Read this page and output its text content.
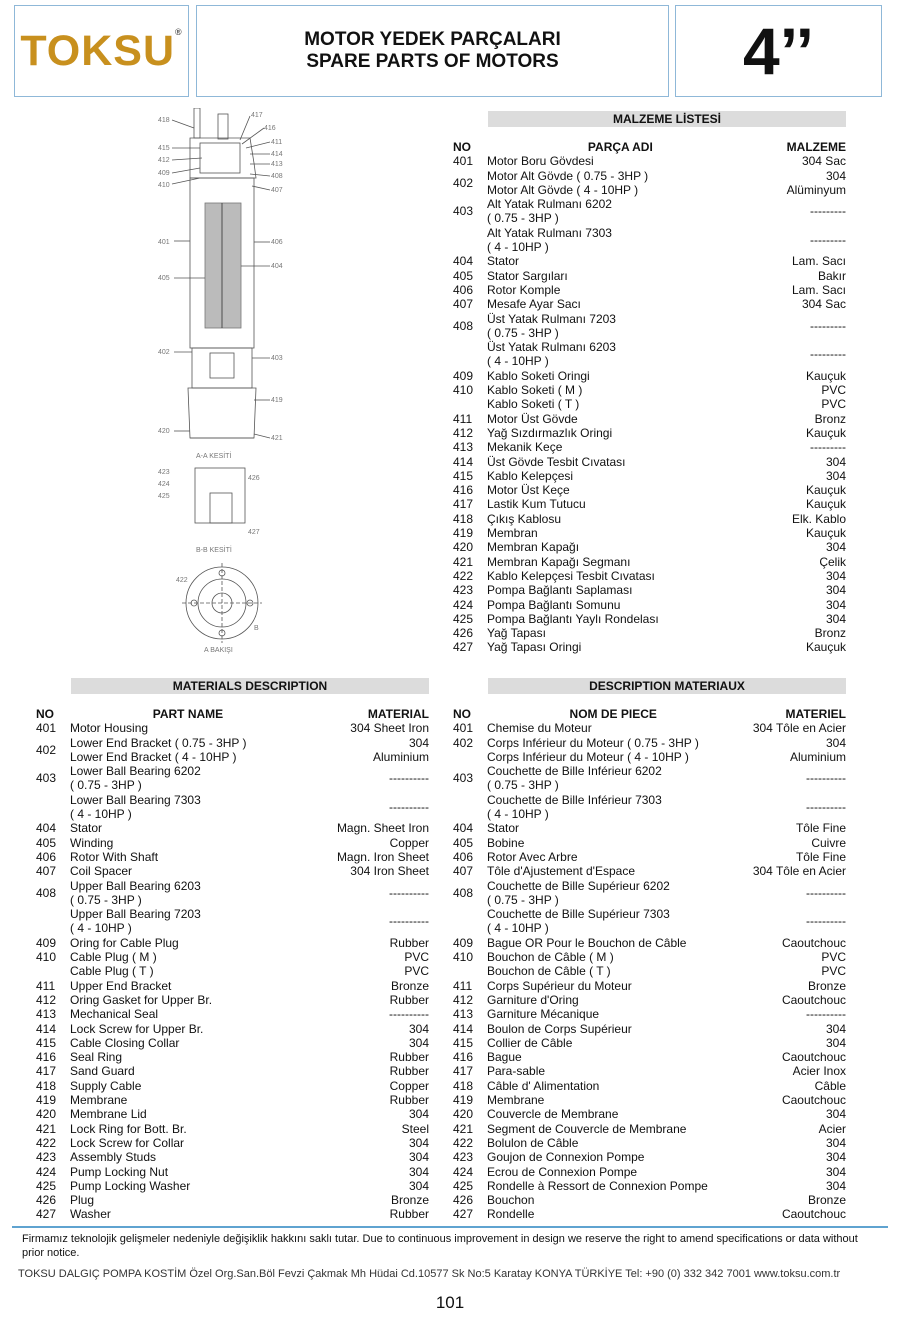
TOKSU®	MOTOR YEDEK PARÇALARI
SPARE PARTS OF MOTORS	4’’
418
417
416
415
411
414
412
413
409	408
410
407
401	406
405
404
402
403
419
420
421
A-A KESİTİ
423
424
425
426
427
B-B KESİTİ
422
B
A BAKIŞI
MALZEME LİSTESİ
MATERIALS DESCRIPTION	DESCRIPTION MATERIAUX
NO	PARÇA ADI	MALZEME
401	Motor Boru Gövdesi	304 Sac
402	Motor Alt Gövde ( 0.75 - 3HP )	304
	Motor Alt Gövde ( 4 - 10HP )	Alüminyum
403	Alt Yatak Rulmanı 6202	---------
	( 0.75 - 3HP )	
	Alt Yatak Rulmanı 7303	---------
	( 4 - 10HP )	
404	Stator	Lam. Sacı
405	Stator Sargıları	Bakır
406	Rotor Komple	Lam. Sacı
407	Mesafe Ayar Sacı	304 Sac
408	Üst Yatak Rulmanı 7203	---------
	( 0.75 - 3HP )	
	Üst Yatak Rulmanı 6203	---------
	( 4 - 10HP )	
409	Kablo Soketi Oringi	Kauçuk
410	Kablo Soketi ( M )	PVC
	Kablo Soketi ( T )	PVC
411	Motor Üst Gövde	Bronz
412	Yağ Sızdırmazlık Oringi	Kauçuk
413	Mekanik Keçe	---------
414	Üst Gövde Tesbit Cıvatası	304
415	Kablo Kelepçesi	304
416	Motor Üst Keçe	Kauçuk
417	Lastik Kum Tutucu	Kauçuk
418	Çıkış Kablosu	Elk. Kablo
419	Membran	Kauçuk
420	Membran Kapağı	304
421	Membran Kapağı Segmanı	Çelik
422	Kablo Kelepçesi Tesbit Cıvatası	304
423	Pompa Bağlantı Saplaması	304
424	Pompa Bağlantı Somunu	304
425	Pompa Bağlantı Yaylı Rondelası	304
426	Yağ Tapası	Bronz
427	Yağ Tapası Oringi	Kauçuk
NO	PART NAME	MATERIAL
401	Motor Housing	304 Sheet Iron
402	Lower End Bracket ( 0.75 - 3HP )	304
	Lower End Bracket ( 4 - 10HP )	Aluminium
403	Lower Ball Bearing 6202	----------
	( 0.75 - 3HP )	
	Lower Ball Bearing 7303	----------
	( 4 - 10HP )	
404	Stator	Magn. Sheet Iron
405	Winding	Copper
406	Rotor With Shaft	Magn. Iron Sheet
407	Coil Spacer	304 Iron Sheet
408	Upper Ball Bearing 6203	----------
	( 0.75 - 3HP )	
	Upper Ball Bearing 7203	----------
	( 4 - 10HP )	
409	Oring for Cable Plug	Rubber
410	Cable Plug ( M )	PVC
	Cable Plug ( T )	PVC
411	Upper End Bracket	Bronze
412	Oring Gasket for Upper Br.	Rubber
413	Mechanical Seal	----------
414	Lock Screw for Upper Br.	304
415	Cable Closing Collar	304
416	Seal Ring	Rubber
417	Sand Guard	Rubber
418	Supply Cable	Copper
419	Membrane	Rubber
420	Membrane Lid	304
421	Lock Ring for Bott. Br.	Steel
422	Lock Screw for Collar	304
423	Assembly Studs	304
424	Pump Locking Nut	304
425	Pump Locking Washer	304
426	Plug	Bronze
427	Washer	Rubber
NO	NOM DE PIECE	MATERIEL
401	Chemise du Moteur	304 Tôle en Acier
402	Corps Inférieur du Moteur ( 0.75 - 3HP )	304
	Corps Inférieur du Moteur ( 4 - 10HP )	Aluminium
403	Couchette de Bille Inférieur 6202	----------
	( 0.75 - 3HP )	
	Couchette de Bille Inférieur 7303	----------
	( 4 - 10HP )	
404	Stator	Tôle Fine
405	Bobine	Cuivre
406	Rotor Avec Arbre	Tôle Fine
407	Tôle d'Ajustement d'Espace	304 Tôle en Acier
408	Couchette de Bille Supérieur 6202	----------
	( 0.75 - 3HP )	
	Couchette de Bille Supérieur 7303	----------
	( 4 - 10HP )	
409	Bague OR Pour le Bouchon de Câble	Caoutchouc
410	Bouchon de Câble ( M )	PVC
	Bouchon de Câble ( T )	PVC
411	Corps Supérieur du Moteur	Bronze
412	Garniture d'Oring	Caoutchouc
413	Garniture Mécanique	----------
414	Boulon de Corps Supérieur	304
415	Collier de Câble	304
416	Bague	Caoutchouc
417	Para-sable	Acier Inox
418	Câble d' Alimentation	Câble
419	Membrane	Caoutchouc
420	Couvercle de Membrane	304
421	Segment de Couvercle de Membrane	Acier
422	Bolulon de Câble	304
423	Goujon de Connexion Pompe	304
424	Ecrou de Connexion Pompe	304
425	Rondelle à Ressort de Connexion Pompe	304
426	Bouchon	Bronze
427	Rondelle	Caoutchouc
Firmamız teknolojik gelişmeler nedeniyle değişiklik hakkını saklı tutar. Due to continuous improvement in design we reserve the right to amend specifications or data without prior notice.
TOKSU DALGIÇ POMPA KOSTİM Özel Org.San.Böl Fevzi Çakmak Mh Hüdai Cd.10577 Sk No:5 Karatay KONYA TÜRKİYE Tel: +90 (0) 332 342 7001 www.toksu.com.tr
101
